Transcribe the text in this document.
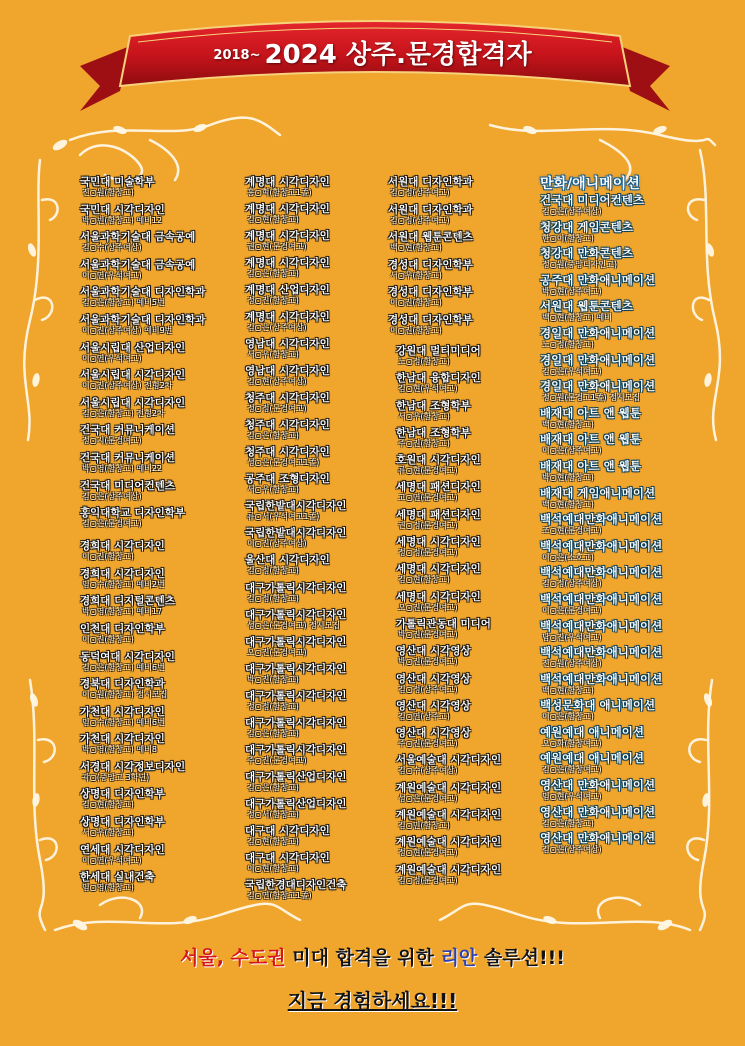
2018~ 2024 상주.문경합격자
국민대 미술학부
진○원(함창고)
국민대 시각디자인
박○빈(함창고) 예비12
서울과학기술대 금속공예
김○수(상주여상)
서울과학기술대 금속공예
이○연(우석여고)
서울과학기술대 디자인학과
김○은(함창고) 예비5번
서울과학기술대 디자인학과
이○진(상주여상) 예비9번
서울시립대 산업디자인
이○연(우석여고)
서울시립대 시각디자인
이○진(상주여상) 전형2차
서울시립대 시각디자인
김○은(함창고) 전형2차
건국대 커뮤니케이션
정○지(문경여고)
건국대 커뮤니케이션
박○영(함창고) 예비22
건국대 미디어컨텐츠
김○은(상주여상)
홍익대학교 디자인학부
김○은(문경여고)
경희대 시각디자인
이○진(함창고)
경희대 시각디자인
임○수(함창고) 예비2번
경희대 디지털콘텐츠
박○영(함창고) 예비17
인천대 디자인학부
이○진(함창고)
동덕여대 시각디자인
김○은(함창고) 예비6번
경북대 디자인학과
이○원(함창고) 정시모집
가천대 시각디자인
임○수(함창고) 예비6번
가천대 시각디자인
박○영(함창고) 예비8
서경대 시각정보디자인
곽○(중앙고 3학년)
상명대 디자인학부
김○현(함창고)
상명대 디자인학부
서○우(함창고)
연세대 시각디자인
이○연(우석여고)
한세대 실내건축
임○영(함창고)
계명대 시각디자인
홍○혁(함창고1졸)
계명대 시각디자인
김○현(함창고)
계명대 시각디자인
권○현(문경여고)
계명대 시각디자인
김○은(함창고)
계명대 산업디자인
정○진(함창고)
계명대 시각디자인
김○은(상주여상)
영남대 시각디자인
서○우(함창고)
영남대 시각디자인
김○현(상주여상)
청주대 시각디자인
정○정(문경여고)
청주대 시각디자인
김○은(함창고)
청주대 시각디자인
성○은(문경여고1졸)
공주대 조형디자인
서○우(함창고)
국립한밭대시각디자인
류○서(우석여고1졸)
국립한밭대시각디자인
이○진(상주여상)
울산대 시각디자인
김○정(함창고)
대구가톨릭시각디자인
김○정(함창고)
대구가톨릭시각디자인
성○은(문경여고) 정시모집
대구가톨릭시각디자인
오○진(문경여고)
대구가톨릭시각디자인
박○진(함창고)
대구가톨릭시각디자인
정○정(함창고)
대구가톨릭시각디자인
김○은(함창고)
대구가톨릭시각디자인
주○진(문경여고)
대구가톨릭산업디자인
김○은(함창고)
대구가톨릭산업디자인
정○서(함창고)
대구대 시각디자인
김○현(함창고)
대구대 시각디자인
이○현(함창고)
국립한경대디자인건축
김○연(함창고1졸)
서원대 디자인학과
김○정(상주여고)
서원대 디자인학과
김○정(상주여고)
서원대 웹툰콘텐츠
백○현(함창고)
경성대 디자인학부
서○우(함창고)
경성대 디자인학부
이○진(함창고)
경성대 디자인학부
이○진(함창고)
강원대 멀티미디어
노○정(함창고)
한남대 융합디자인
김○현(우석여고)
한남대 조형학부
서○우(함창고)
한남대 조형학부
주○진(함창고)
호원대 시각디자인
류○현(문경여고)
세명대 패션디자인
고○연(문경여고)
세명대 패션디자인
권○정(문경여고)
세명대 시각디자인
정○정(문경여고)
세명대 시각디자인
김○현(함창고)
세명대 시각디자인
오○진(문경여고)
가톨릭관동대 미디어
박○진(문경여고)
영산대 시각영상
박○진(문경여고)
영산대 시각영상
김○정(상주여고)
영산대 시각영상
김○연(상주고)
영산대 시각영상
주○진(문경여고)
서울예술대 시각디자인
김○수(상주여상)
계원예술대 시각디자인
성○은(문경여고)
계원예술대 시각디자인
김○민(함창고)
계원예술대 시각디자인
정○현(문경여고)
계원예술대 시각디자인
김○정(문경여고)
만화/애니메이션
건국대 미디어컨텐츠
김○은(상주여상)
청강대 게임콘텐츠
한○이(함창고)
청강대 만화콘텐츠
정○원(중앙디자인고)
공주대 만화애니메이션
박○현(상주여고)
서원대 웹툰콘텐츠
백○현(함창고) 예비
경일대 만화애니메이션
노○정(함창고)
경일대 만화애니메이션
김○은(우석여고)
경일대 만화애니메이션
정○원(문경고1졸) 정시모집
배재대 아트 앤 웹툰
백○현(함창고)
배재대 아트 앤 웹툰
이○은(상주여고)
배재대 아트 앤 웹툰
박○현(함창고)
배재대 게임애니메이션
백○현(함창고)
백석예대만화애니메이션
조○현(문경여고)
백석예대만화애니메이션
이○은(소호고)
백석예대만화애니메이션
김○정(상주여상)
백석예대만화애니메이션
이○은(문경여고)
백석예대만화애니메이션
남○진(우석여고)
백석예대만화애니메이션
진○원(상주여상)
백석예대만화애니메이션
백○현(함창고)
백성문화대 애니메이션
이○은(함창고)
예원예대 애니메이션
오○화(함창여고)
예원예대 애니메이션
김○은(함창여고)
영산대 만화애니메이션
임○현(우석여고)
영산대 만화애니메이션
김○은(함창고)
영산대 만화애니메이션
김○은(상주여상)
서울, 수도권 미대 합격을 위한 리안 솔루션!!!
지금 경험하세요!!!
